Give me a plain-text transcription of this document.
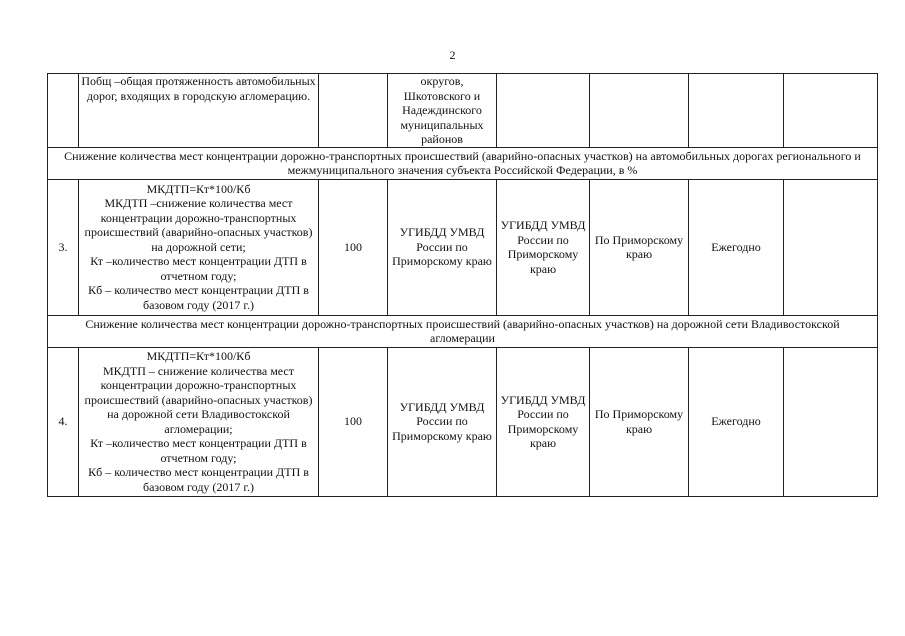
2
	Побщ –общая протяженность автомобильных дорог, входящих в городскую агломерацию.		округов, Шкотовского и Надеждинского муниципальных районов				
Снижение количества мест концентрации дорожно-транспортных происшествий (аварийно-опасных участков) на автомобильных дорогах регионального и межмуниципального значения субъекта Российской Федерации, в %							
3.	МКДТП=Кт*100/Кб
МКДТП –снижение количества мест концентрации дорожно-транспортных происшествий (аварийно-опасных участков) на дорожной сети;
Кт –количество мест концентрации ДТП в отчетном году;
Кб – количество мест концентрации ДТП в базовом году (2017 г.)	100	УГИБДД УМВД России по Приморскому краю	УГИБДД УМВД России по Приморскому краю	По Приморскому краю	Ежегодно	
Снижение количества мест концентрации дорожно-транспортных происшествий (аварийно-опасных участков) на дорожной сети Владивостокской агломерации							
4.	МКДТП=Кт*100/Кб
МКДТП – снижение количества мест концентрации дорожно-транспортных происшествий (аварийно-опасных участков) на дорожной сети Владивостокской агломерации;
Кт –количество мест концентрации ДТП в отчетном году;
Кб – количество мест концентрации ДТП в базовом году (2017 г.)	100	УГИБДД УМВД России по Приморскому краю	УГИБДД УМВД России по Приморскому краю	По Приморскому краю	Ежегодно	
